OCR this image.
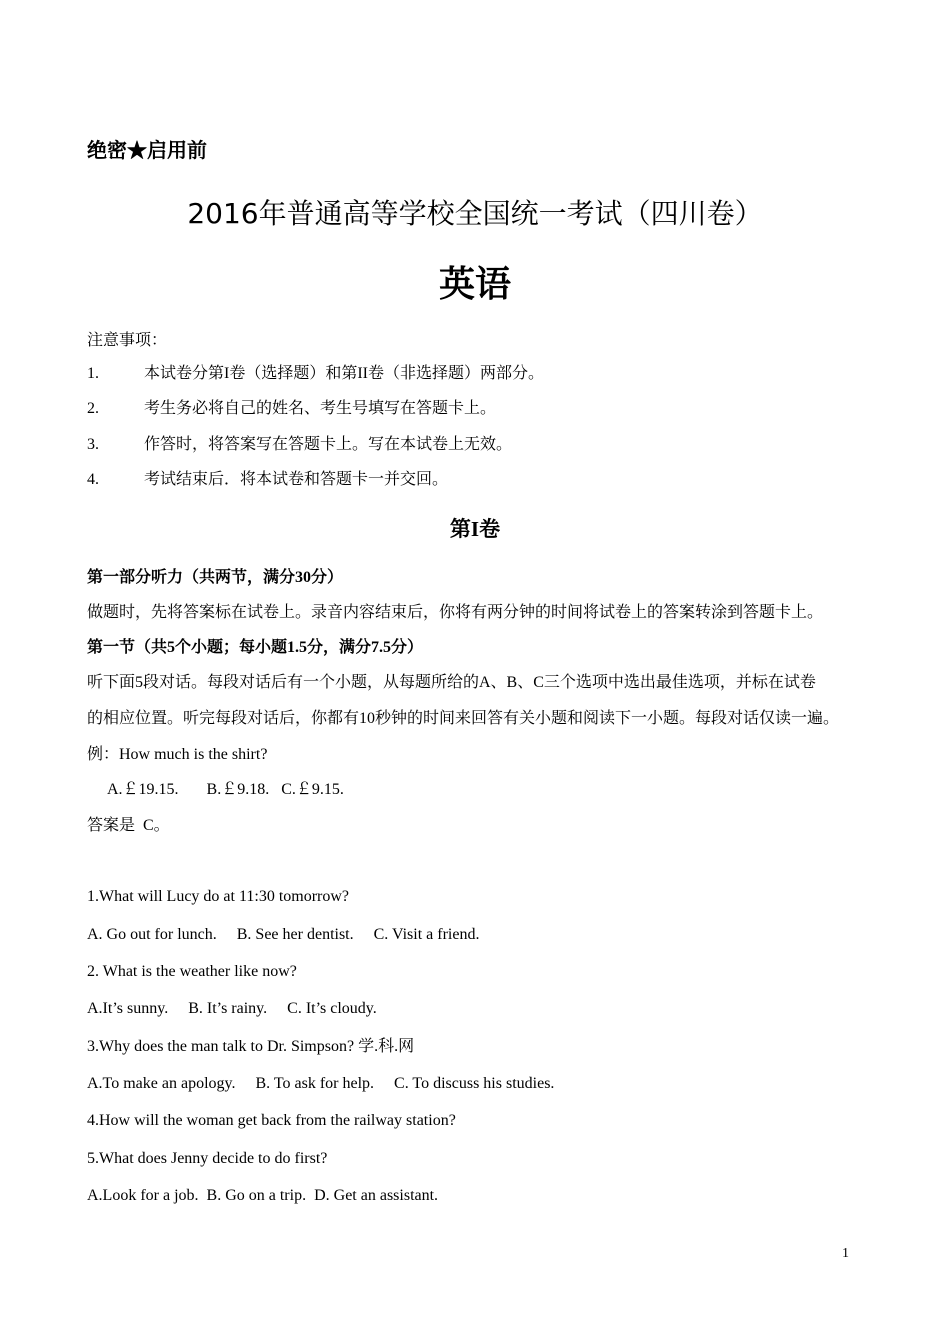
绝密★启用前
2016年普通高等学校全国统一考试（四川卷）
英语
注意事项：
1.	本试卷分第I卷（选择题）和第II卷（非选择题）两部分。
2.	考生务必将自己的姓名、考生号填写在答题卡上。
3.	作答时，将答案写在答题卡上。写在本试卷上无效。
4.	考试结束后．将本试卷和答题卡一并交回。
第I卷
第一部分听力（共两节，满分30分）
做题时，先将答案标在试卷上。录音内容结束后，你将有两分钟的时间将试卷上的答案转涂到答题卡上。
第一节（共5个小题；每小题1.5分，满分7.5分）
听下面5段对话。每段对话后有一个小题，从每题所给的A、B、C三个选项中选出最佳选项，并标在试卷
的相应位置。听完每段对话后，你都有10秒钟的时间来回答有关小题和阅读下一小题。每段对话仅读一遍。
例：How much is the shirt?
A.￡19.15.       B.￡9.18.   C.￡9.15.
答案是  C。
1.What will Lucy do at 11:30 tomorrow?
A. Go out for lunch.     B. See her dentist.     C. Visit a friend.
2. What is the weather like now?
A.It’s sunny.     B. It’s rainy.     C. It’s cloudy.
3.Why does the man talk to Dr. Simpson? 学.科.网
A.To make an apology.     B. To ask for help.     C. To discuss his studies.
4.How will the woman get back from the railway station?
5.What does Jenny decide to do first?
A.Look for a job.  B. Go on a trip.  D. Get an assistant.
1
